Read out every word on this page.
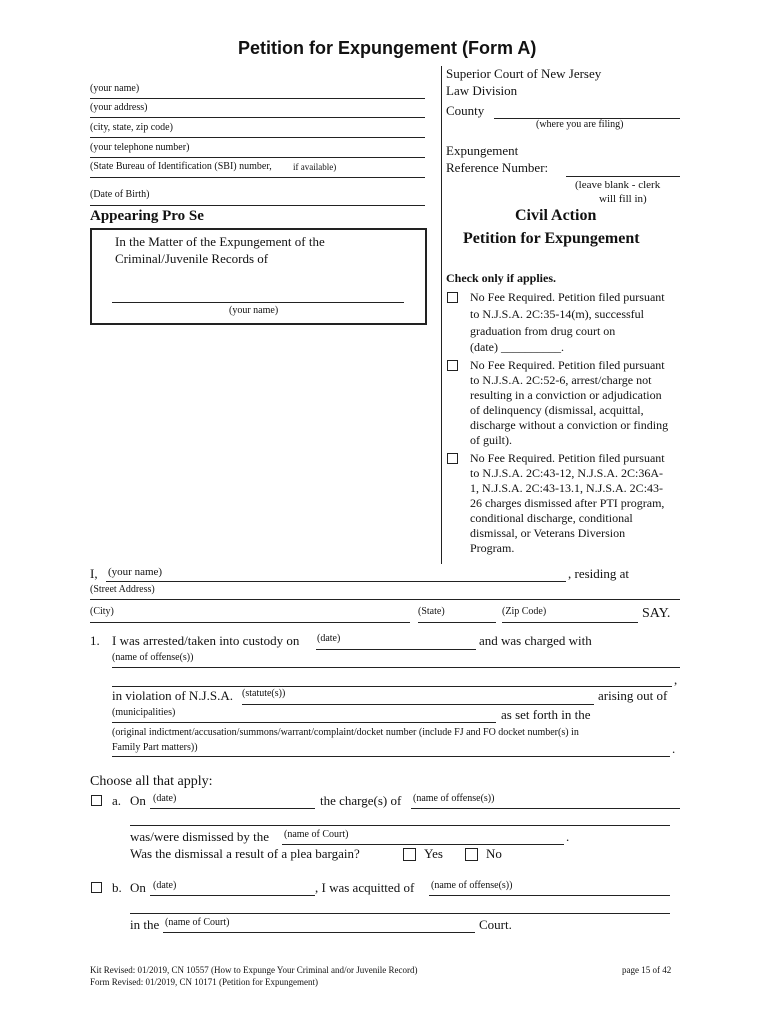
Petition for Expungement (Form A)
(your name)
(your address)
(city, state, zip code)
(your telephone number)
(State Bureau of Identification (SBI) number, if available)
(Date of Birth)
Appearing Pro Se
In the Matter of the Expungement of the
Criminal/Juvenile Records of
(your name)
Superior Court of New Jersey
Law Division
County
(where you are filing)
Expungement
Reference Number:
(leave blank - clerk
will fill in)
Civil Action
Petition for Expungement
Check only if applies.
No Fee Required. Petition filed pursuant
to N.J.S.A. 2C:35-14(m), successful
graduation from drug court on
(date) __________.
No Fee Required. Petition filed pursuant
to N.J.S.A. 2C:52-6, arrest/charge not
resulting in a conviction or adjudication
of delinquency (dismissal, acquittal,
discharge without a conviction or finding
of guilt).
No Fee Required. Petition filed pursuant
to N.J.S.A. 2C:43-12, N.J.S.A. 2C:36A-
1, N.J.S.A. 2C:43-13.1, N.J.S.A. 2C:43-
26 charges dismissed after PTI program,
conditional discharge, conditional
dismissal, or Veterans Diversion
Program.
I, (your name)	, residing at
(Street Address)
(City)	(State)	(Zip Code)	SAY.
1. I was arrested/taken into custody on (date)	and was charged with
(name of offense(s))
,
in violation of N.J.S.A. (statute(s))	arising out of
(municipalities)	as set forth in the
(original indictment/accusation/summons/warrant/complaint/docket number (include FJ and FO docket number(s) in
Family Part matters))	.
Choose all that apply:
a. On (date)	the charge(s) of (name of offense(s))
was/were dismissed by the (name of Court)	.
Was the dismissal a result of a plea bargain?	Yes	No
b. On (date)	, I was acquitted of (name of offense(s))
in the (name of Court)	Court.
Kit Revised: 01/2019, CN 10557 (How to Expunge Your Criminal and/or Juvenile Record)
Form Revised: 01/2019, CN 10171 (Petition for Expungement)
page 15 of 42
